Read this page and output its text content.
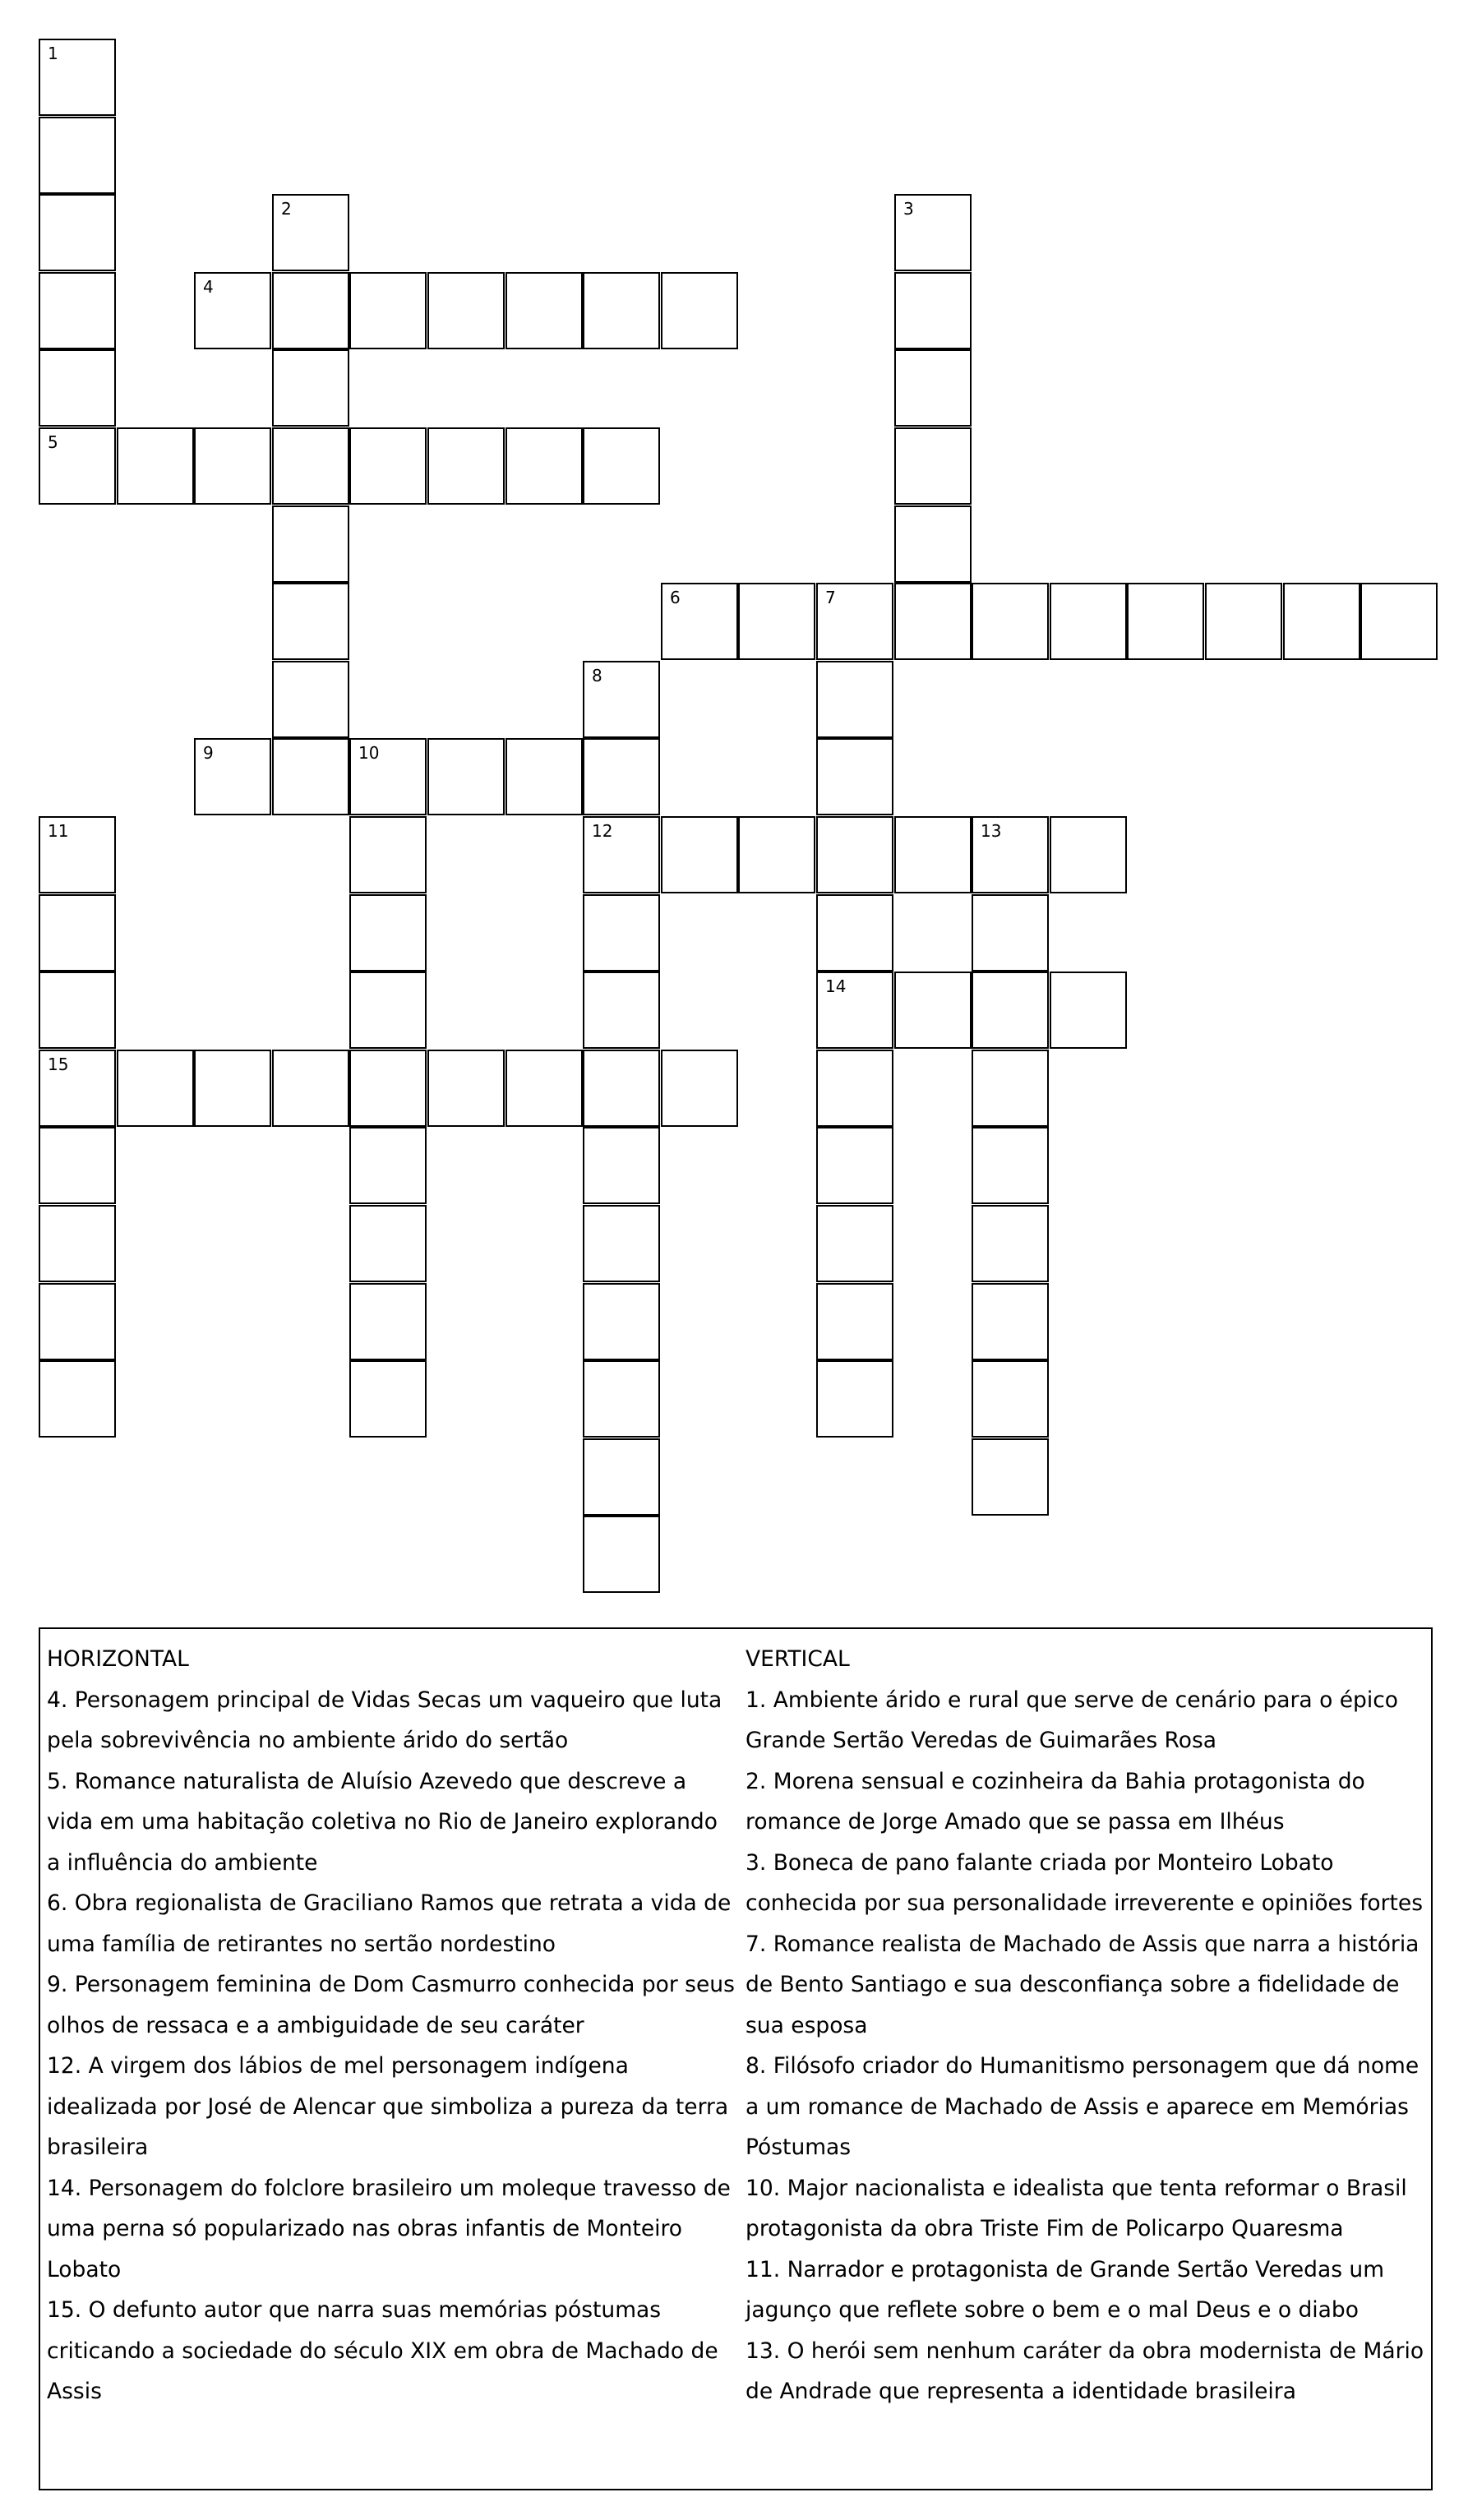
1
5
2	3
4
6	7
14
8
12
9	10
11
15
13
HORIZONTAL
4. Personagem principal de Vidas Secas um vaqueiro que luta pela sobrevivência no ambiente árido do sertão
5. Romance naturalista de Aluísio Azevedo que descreve a vida em uma habitação coletiva no Rio de Janeiro explorando a influência do ambiente
6. Obra regionalista de Graciliano Ramos que retrata a vida de uma família de retirantes no sertão nordestino
9. Personagem feminina de Dom Casmurro conhecida por seus olhos de ressaca e a ambiguidade de seu caráter
12. A virgem dos lábios de mel personagem indígena idealizada por José de Alencar que simboliza a pureza da terra brasileira
14. Personagem do folclore brasileiro um moleque travesso de uma perna só popularizado nas obras infantis de Monteiro Lobato
15. O defunto autor que narra suas memórias póstumas criticando a sociedade do século XIX em obra de Machado de Assis
VERTICAL
1. Ambiente árido e rural que serve de cenário para o épico Grande Sertão Veredas de Guimarães Rosa
2. Morena sensual e cozinheira da Bahia protagonista do romance de Jorge Amado que se passa em Ilhéus
3. Boneca de pano falante criada por Monteiro Lobato conhecida por sua personalidade irreverente e opiniões fortes
7. Romance realista de Machado de Assis que narra a história de Bento Santiago e sua desconfiança sobre a fidelidade de sua esposa
8. Filósofo criador do Humanitismo personagem que dá nome a um romance de Machado de Assis e aparece em Memórias Póstumas
10. Major nacionalista e idealista que tenta reformar o Brasil protagonista da obra Triste Fim de Policarpo Quaresma
11. Narrador e protagonista de Grande Sertão Veredas um jagunço que reflete sobre o bem e o mal Deus e o diabo
13. O herói sem nenhum caráter da obra modernista de Mário de Andrade que representa a identidade brasileira
